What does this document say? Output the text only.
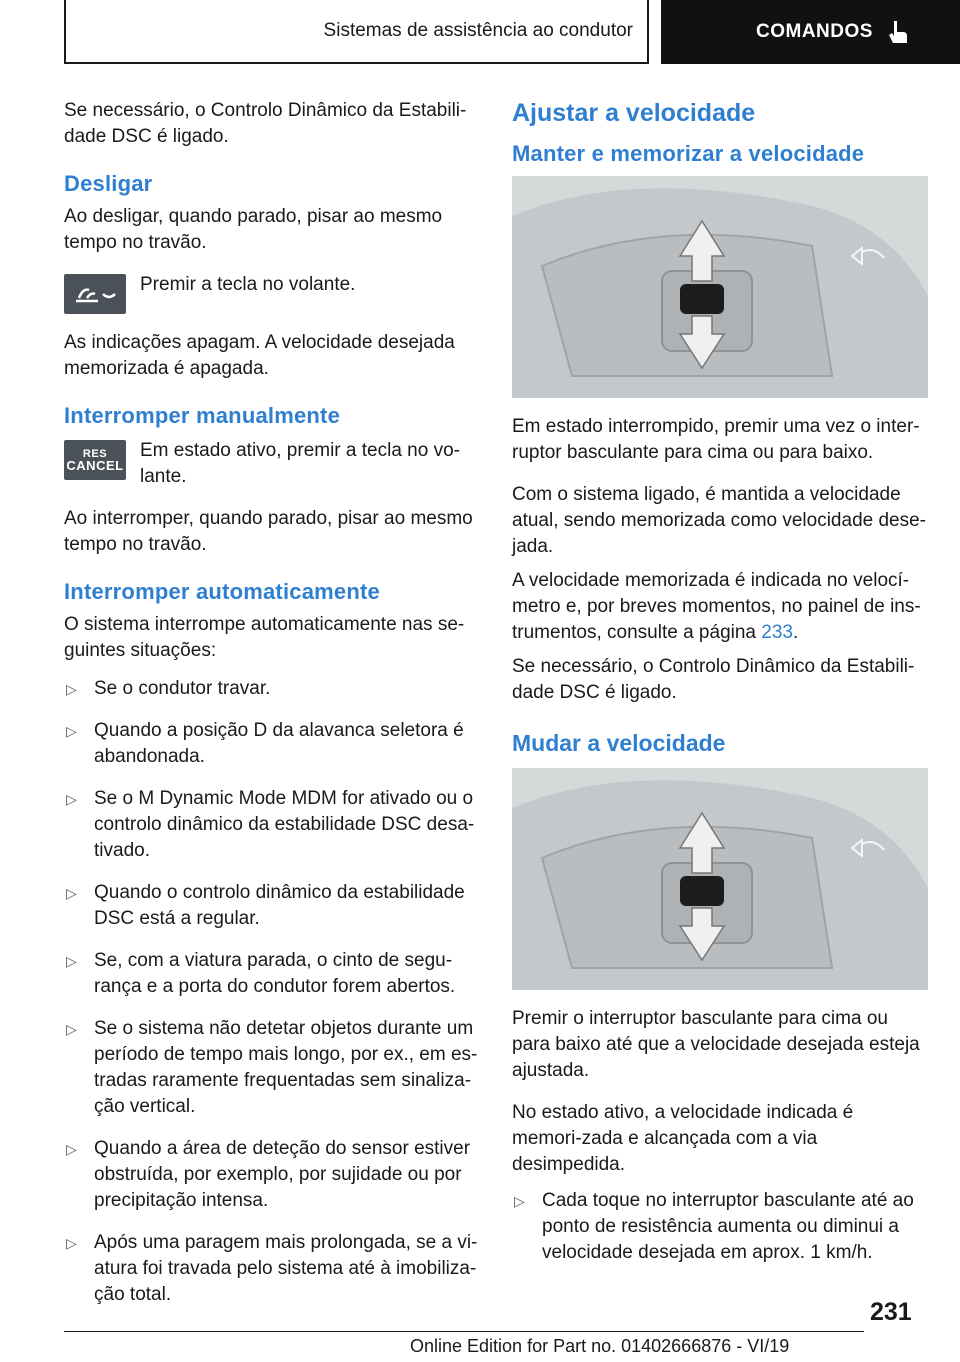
Sistemas de assistência ao condutor	COMANDOS

Se necessário, o Controlo Dinâmico da Estabili-dade DSC é ligado.

Desligar

Ao desligar, quando parado, pisar ao mesmo tempo no travão.

Premir a tecla no volante.

As indicações apagam. A velocidade desejada memorizada é apagada.

Interromper manualmente
RES
CANCEL

Em estado ativo, premir a tecla no vo-lante.

Ao interromper, quando parado, pisar ao mesmo tempo no travão.

Interromper automaticamente

O sistema interrompe automaticamente nas se-guintes situações:

▷ Se o condutor travar.
▷ Quando a posição D da alavanca seletora é abandonada.
▷ Se o M Dynamic Mode MDM for ativado ou o controlo dinâmico da estabilidade DSC desa-tivado.
▷ Quando o controlo dinâmico da estabilidade DSC está a regular.
▷ Se, com a viatura parada, o cinto de segu-rança e a porta do condutor forem abertos.
▷ Se o sistema não detetar objetos durante um período de tempo mais longo, por ex., em es-tradas raramente frequentadas sem sinaliza-ção vertical.
▷ Quando a área de deteção do sensor estiver obstruída, por exemplo, por sujidade ou por precipitação intensa.
▷ Após uma paragem mais prolongada, se a vi-atura foi travada pelo sistema até à imobiliza-ção total.
Ajustar a velocidade
Manter e memorizar a velocidade

Em estado interrompido, premir uma vez o inter-ruptor basculante para cima ou para baixo.

Com o sistema ligado, é mantida a velocidade atual, sendo memorizada como velocidade dese-jada.

A velocidade memorizada é indicada no velocí-metro e, por breves momentos, no painel de ins-trumentos, consulte a página 233.

Se necessário, o Controlo Dinâmico da Estabili-dade DSC é ligado.

Mudar a velocidade

Premir o interruptor basculante para cima ou para baixo até que a velocidade desejada esteja ajustada.

No estado ativo, a velocidade indicada é memori-zada e alcançada com a via desimpedida.

▷ Cada toque no interruptor basculante até ao ponto de resistência aumenta ou diminui a velocidade desejada em aprox. 1 km/h.
231
Online Edition for Part no. 01402666876 - VI/19
